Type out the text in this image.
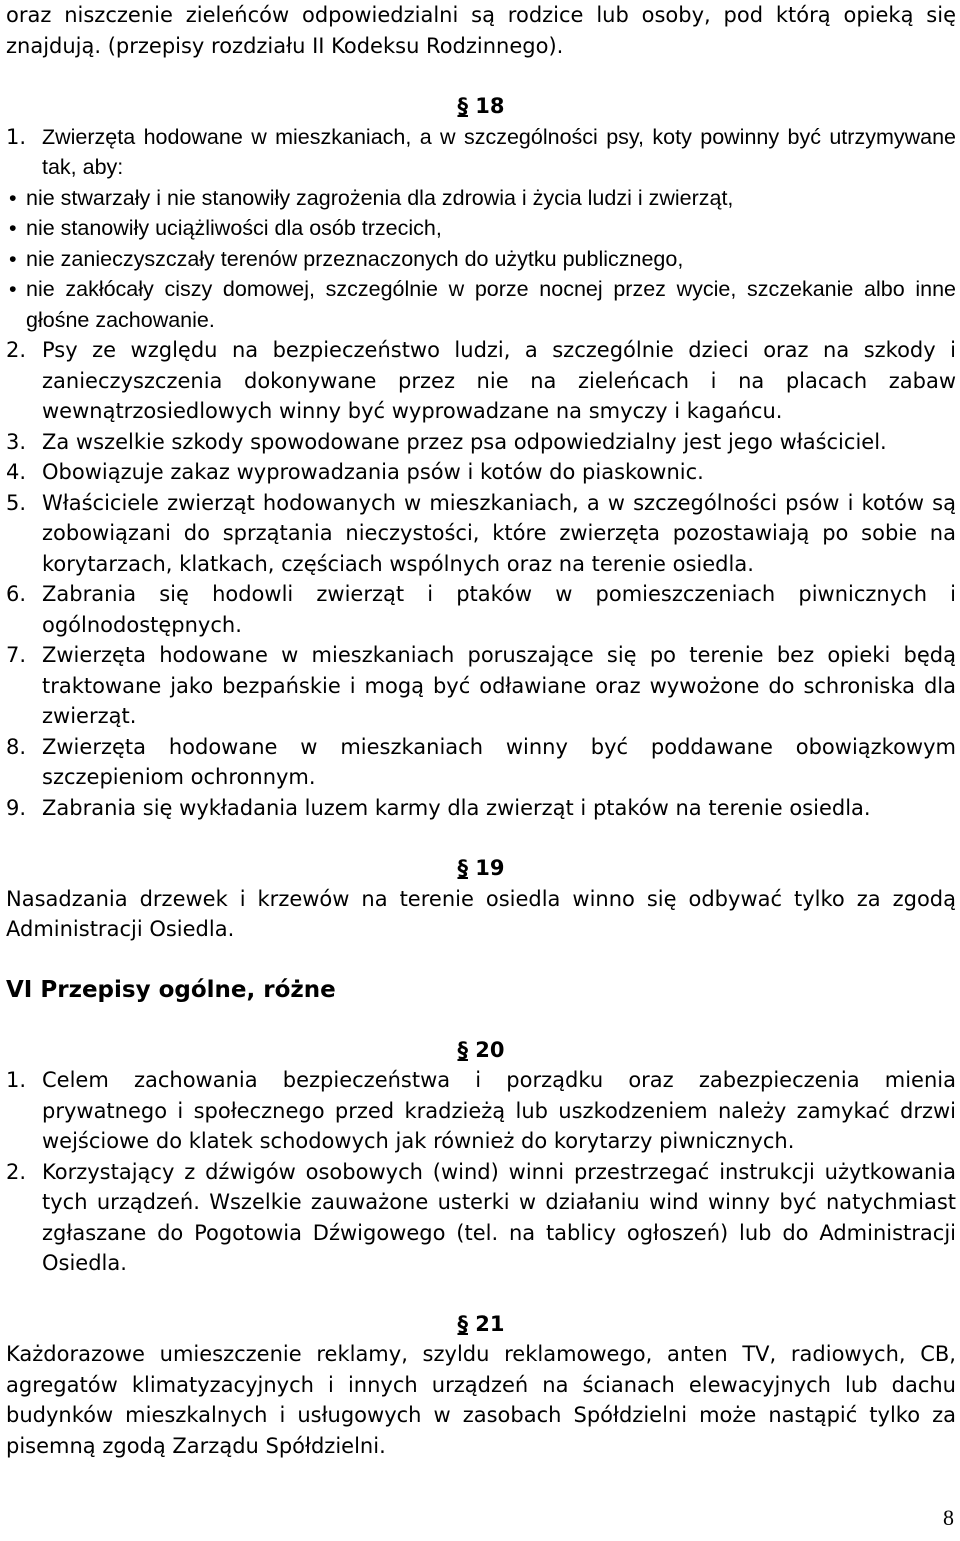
oraz niszczenie zieleńców odpowiedzialni są rodzice lub osoby, pod którą opieką się znajdują. (przepisy rozdziału II Kodeksu Rodzinnego).

§ 18

1. Zwierzęta hodowane w mieszkaniach, a w szczególności psy, koty powinny być utrzymywane tak, aby:
• nie stwarzały i nie stanowiły zagrożenia dla zdrowia i życia ludzi i zwierząt,
• nie stanowiły uciążliwości dla osób trzecich,
• nie zanieczyszczały terenów przeznaczonych do użytku publicznego,
• nie zakłócały ciszy domowej, szczególnie w porze nocnej przez wycie, szczekanie albo inne głośne zachowanie.
2. Psy ze względu na bezpieczeństwo ludzi, a szczególnie dzieci oraz na szkody i zanieczyszczenia dokonywane przez nie na zieleńcach i na placach zabaw wewnątrzosiedlowych winny być wyprowadzane na smyczy i kagańcu.
3. Za wszelkie szkody spowodowane przez psa odpowiedzialny jest jego właściciel.
4. Obowiązuje zakaz wyprowadzania psów i kotów do piaskownic.
5. Właściciele zwierząt hodowanych w mieszkaniach, a w szczególności psów i kotów są zobowiązani do sprzątania nieczystości, które zwierzęta pozostawiają po sobie na korytarzach, klatkach, częściach wspólnych oraz na terenie osiedla.
6. Zabrania się hodowli zwierząt i ptaków w pomieszczeniach piwnicznych i ogólnodostępnych.
7. Zwierzęta hodowane w mieszkaniach poruszające się po terenie bez opieki będą traktowane jako bezpańskie i mogą być odławiane oraz wywożone do schroniska dla zwierząt.
8. Zwierzęta hodowane w mieszkaniach winny być poddawane obowiązkowym szczepieniom ochronnym.
9. Zabrania się wykładania luzem karmy dla zwierząt i ptaków na terenie osiedla.

§ 19

Nasadzania drzewek i krzewów na terenie osiedla winno się odbywać tylko za zgodą Administracji Osiedla.

VI Przepisy ogólne, różne

§ 20

1. Celem zachowania bezpieczeństwa i porządku oraz zabezpieczenia mienia prywatnego i społecznego przed kradzieżą lub uszkodzeniem należy zamykać drzwi wejściowe do klatek schodowych jak również do korytarzy piwnicznych.
2. Korzystający z dźwigów osobowych (wind) winni przestrzegać instrukcji użytkowania tych urządzeń. Wszelkie zauważone usterki w działaniu wind winny być natychmiast zgłaszane do Pogotowia Dźwigowego (tel. na tablicy ogłoszeń) lub do Administracji Osiedla.

§ 21

Każdorazowe umieszczenie reklamy, szyldu reklamowego, anten TV, radiowych, CB, agregatów klimatyzacyjnych i innych urządzeń na ścianach elewacyjnych lub dachu budynków mieszkalnych i usługowych w zasobach Spółdzielni może nastąpić tylko za pisemną zgodą Zarządu Spółdzielni.

8
